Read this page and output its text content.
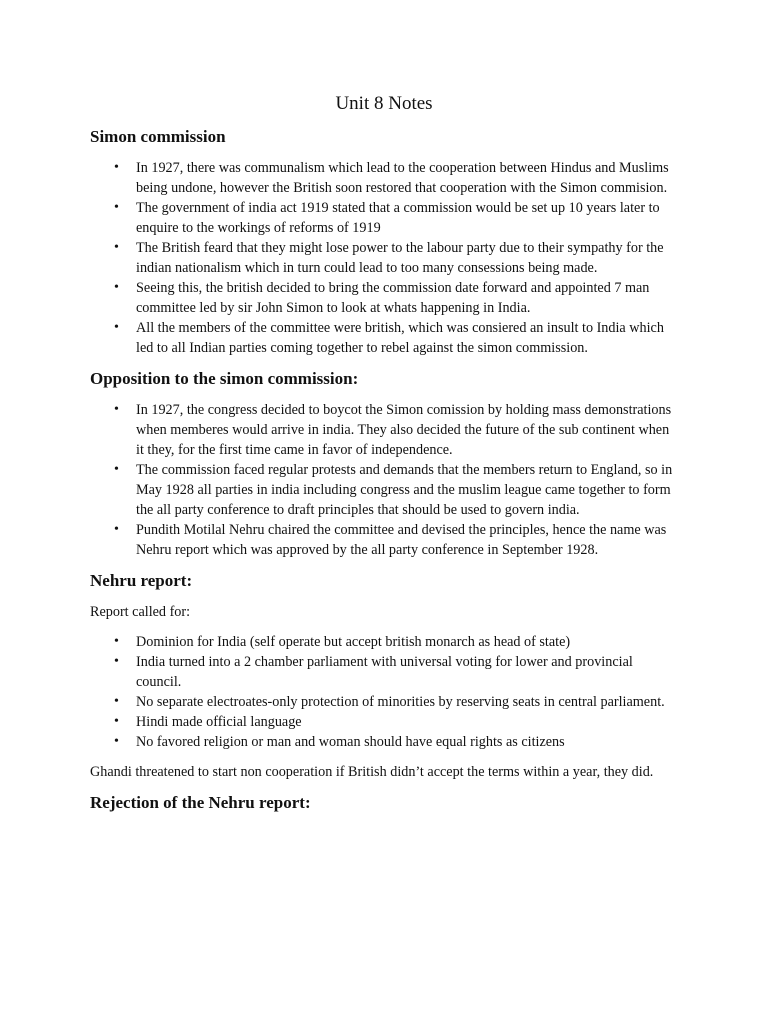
Unit 8 Notes
Simon commission
• In 1927, there was communalism which lead to the cooperation between Hindus and Muslims being undone, however the British soon restored that cooperation with the Simon commision.
• The government of india act 1919 stated that a commission would be set up 10 years later to enquire to the workings of reforms of 1919
• The British feard that they might lose power to the labour party due to their sympathy for the indian nationalism which in turn could lead to too many consessions being made.
• Seeing this, the british decided to bring the commission date forward and appointed 7 man committee led by sir John Simon to look at whats happening in India.
• All the members of the committee were british, which was consiered an insult to India which led to all Indian parties coming together to rebel against the simon commission.
Opposition to the simon commission:
• In 1927, the congress decided to boycot the Simon comission by holding mass demonstrations when memberes would arrive in india. They also decided the future of the sub continent when it they, for the first time came in favor of independence.
• The commission faced regular protests and demands that the members return to England, so in May 1928 all parties in india including congress and the muslim league came together to form the all party conference to draft principles that should be used to govern india.
• Pundith Motilal Nehru chaired the committee and devised the principles, hence the name was Nehru report which was approved by the all party conference in September 1928.
Nehru report:

Report called for:

• Dominion for India (self operate but accept british monarch as head of state)
• India turned into a 2 chamber parliament with universal voting for lower and provincial council.
• No separate electroates-only protection of minorities by reserving seats in central parliament.
• Hindi made official language
• No favored religion or man and woman should have equal rights as citizens

Ghandi threatened to start non cooperation if British didn’t accept the terms within a year, they did.

Rejection of the Nehru report:
